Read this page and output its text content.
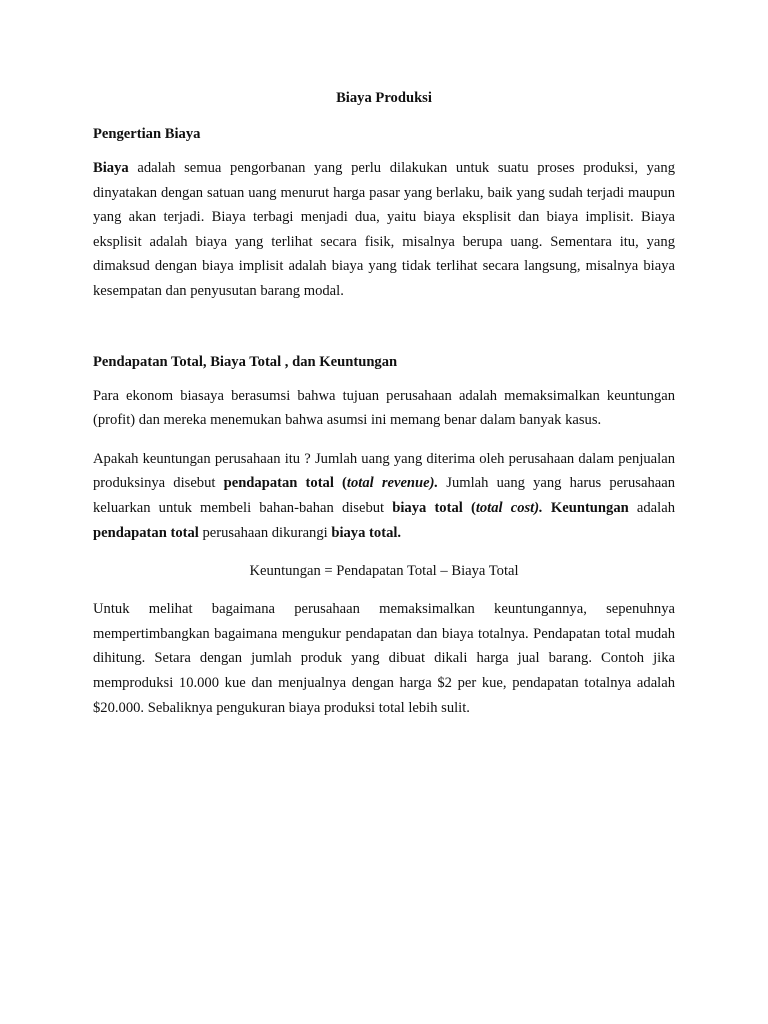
Biaya Produksi
Pengertian Biaya

Biaya adalah semua pengorbanan yang perlu dilakukan untuk suatu proses produksi, yang dinyatakan dengan satuan uang menurut harga pasar yang berlaku, baik yang sudah terjadi maupun yang akan terjadi. Biaya terbagi menjadi dua, yaitu biaya eksplisit dan biaya implisit. Biaya eksplisit adalah biaya yang terlihat secara fisik, misalnya berupa uang. Sementara itu, yang dimaksud dengan biaya implisit adalah biaya yang tidak terlihat secara langsung, misalnya biaya kesempatan dan penyusutan barang modal.

Pendapatan Total, Biaya Total , dan Keuntungan

Para ekonom biasaya berasumsi bahwa tujuan perusahaan adalah memaksimalkan keuntungan (profit) dan mereka menemukan bahwa asumsi ini memang benar dalam banyak kasus.

Apakah keuntungan perusahaan itu ? Jumlah uang yang diterima oleh perusahaan dalam penjualan produksinya disebut pendapatan total (total revenue). Jumlah uang yang harus perusahaan keluarkan untuk membeli bahan-bahan disebut biaya total (total cost). Keuntungan adalah pendapatan total perusahaan dikurangi biaya total.

Keuntungan = Pendapatan Total – Biaya Total

Untuk melihat bagaimana perusahaan memaksimalkan keuntungannya, sepenuhnya mempertimbangkan bagaimana mengukur pendapatan dan biaya totalnya. Pendapatan total mudah dihitung. Setara dengan jumlah produk yang dibuat dikali harga jual barang. Contoh jika memproduksi 10.000 kue dan menjualnya dengan harga $2 per kue, pendapatan totalnya adalah $20.000. Sebaliknya pengukuran biaya produksi total lebih sulit.
